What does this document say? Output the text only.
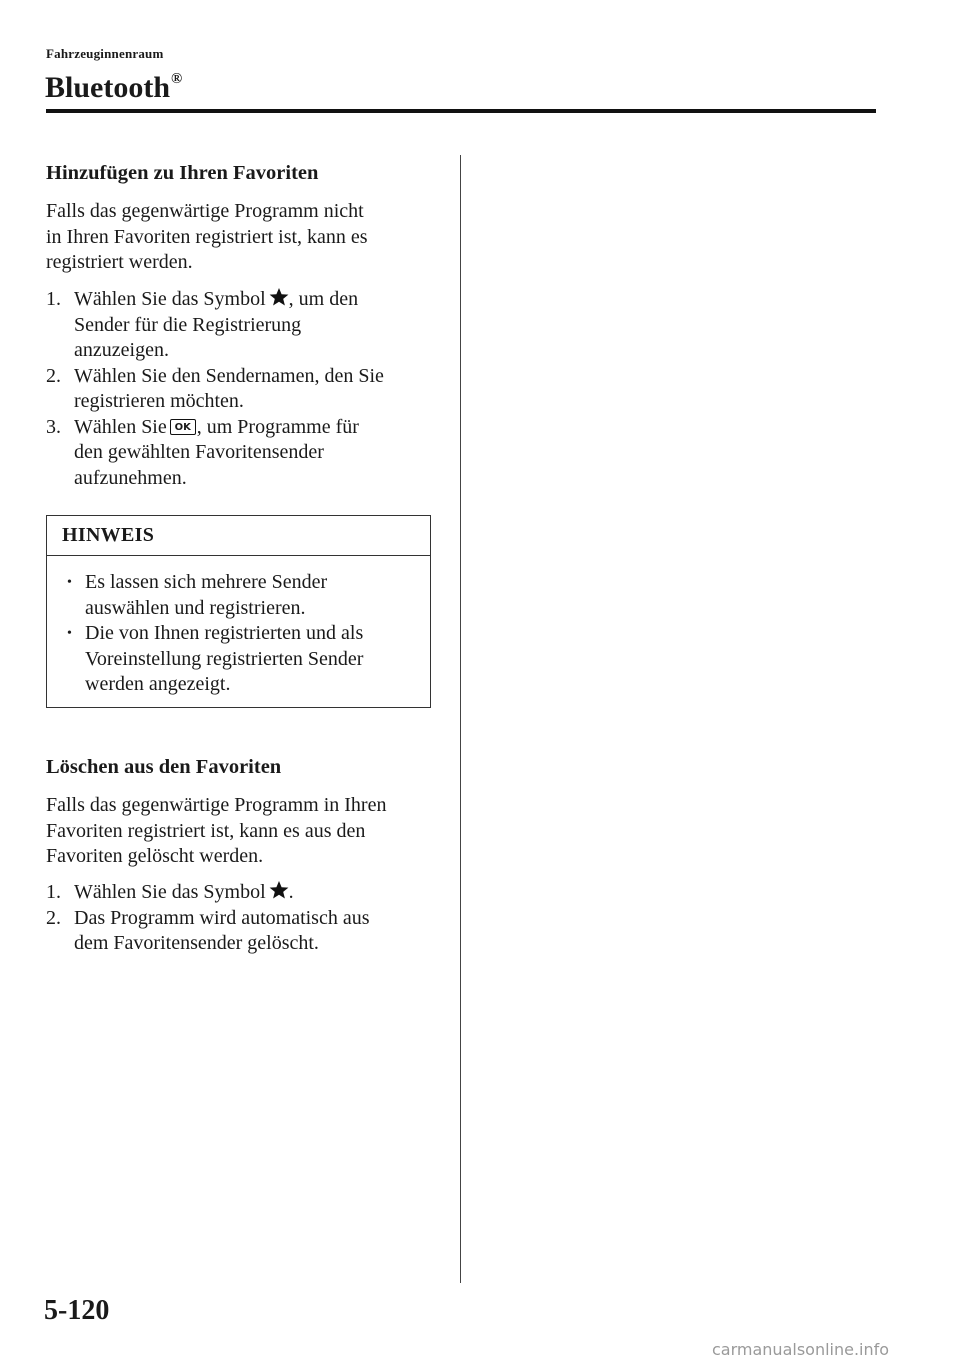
Fahrzeuginnenraum
Bluetooth®
Hinzufügen zu Ihren Favoriten
Falls das gegenwärtige Programm nicht
in Ihren Favoriten registriert ist, kann es
registriert werden.
1. Wählen Sie das Symbol , um den
Sender für die Registrierung
anzuzeigen.
2. Wählen Sie den Sendernamen, den Sie
registrieren möchten.
3. Wählen Sie OK , um Programme für
den gewählten Favoritensender
aufzunehmen.
HINWEIS
• Es lassen sich mehrere Sender
auswählen und registrieren.
• Die von Ihnen registrierten und als
Voreinstellung registrierten Sender
werden angezeigt.
Löschen aus den Favoriten
Falls das gegenwärtige Programm in Ihren
Favoriten registriert ist, kann es aus den
Favoriten gelöscht werden.
1. Wählen Sie das Symbol .
2. Das Programm wird automatisch aus
dem Favoritensender gelöscht.
5-120
carmanualsonline.info
